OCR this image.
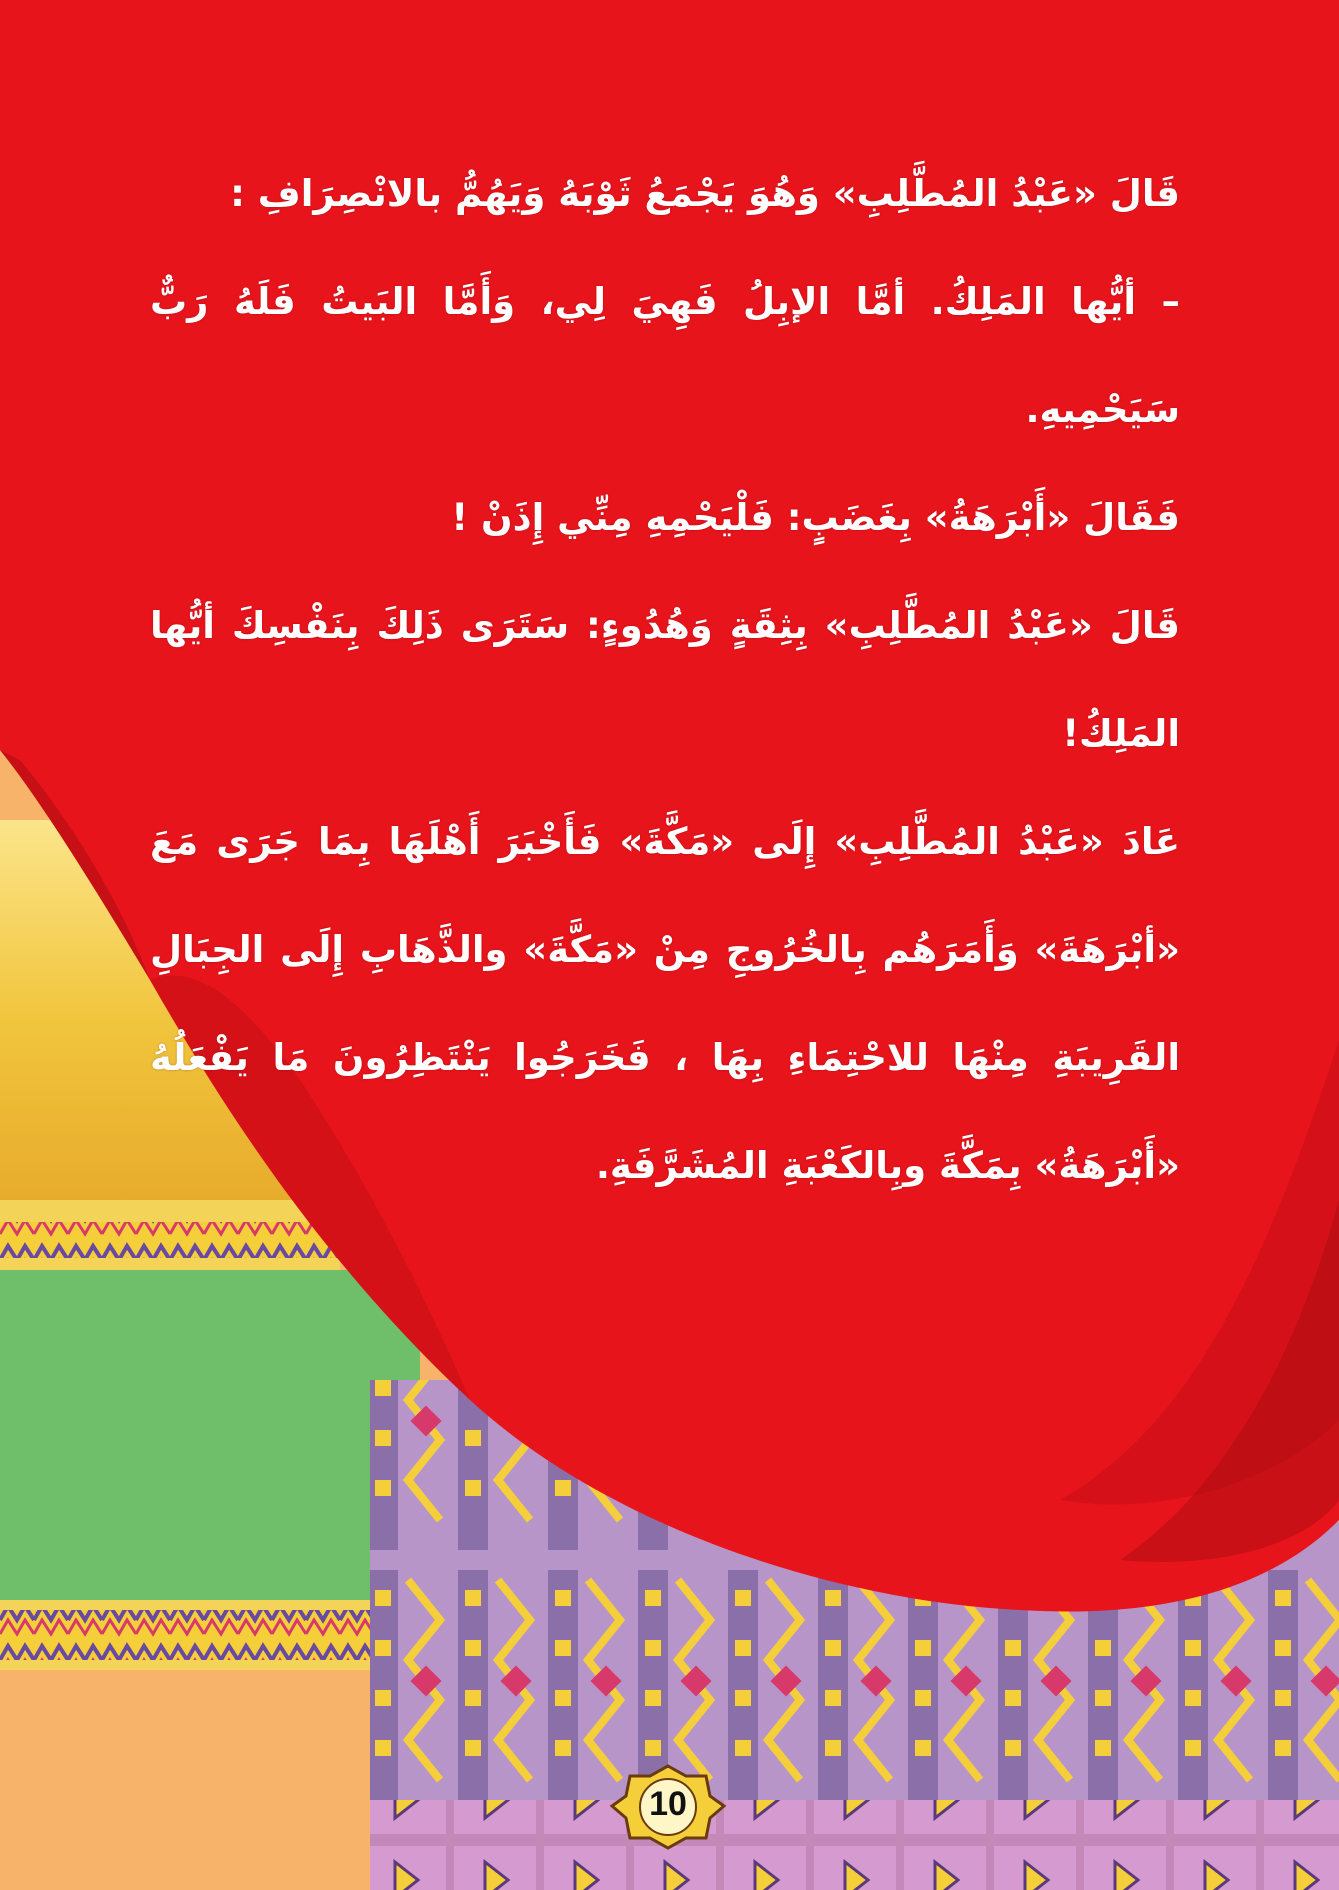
قَالَ «عَبْدُ المُطَّلِبِ» وَهُوَ يَجْمَعُ ثَوْبَهُ وَيَهُمُّ بالانْصِرَافِ :

– أيُّها المَلِكُ. أمَّا الإبِلُ فَهِيَ لِي، وَأَمَّا البَيتُ فَلَهُ رَبٌّ سَيَحْمِيهِ.

فَقَالَ «أَبْرَهَةُ» بِغَضَبٍ: فَلْيَحْمِهِ مِنِّي إِذَنْ !

قَالَ «عَبْدُ المُطَّلِبِ» بِثِقَةٍ وَهُدُوءٍ: سَتَرَى ذَلِكَ بِنَفْسِكَ أيُّها المَلِكُ!

عَادَ «عَبْدُ المُطَّلِبِ» إِلَى «مَكَّةَ» فَأَخْبَرَ أَهْلَهَا بِمَا جَرَى مَعَ «أبْرَهَةَ» وَأَمَرَهُم بِالخُرُوجِ مِنْ «مَكَّةَ» والذَّهَابِ إِلَى الجِبَالِ القَرِيبَةِ مِنْهَا للاحْتِمَاءِ بِهَا ، فَخَرَجُوا يَنْتَظِرُونَ مَا يَفْعَلُهُ «أَبْرَهَةُ» بِمَكَّةَ وبِالكَعْبَةِ المُشَرَّفَةِ.

10
